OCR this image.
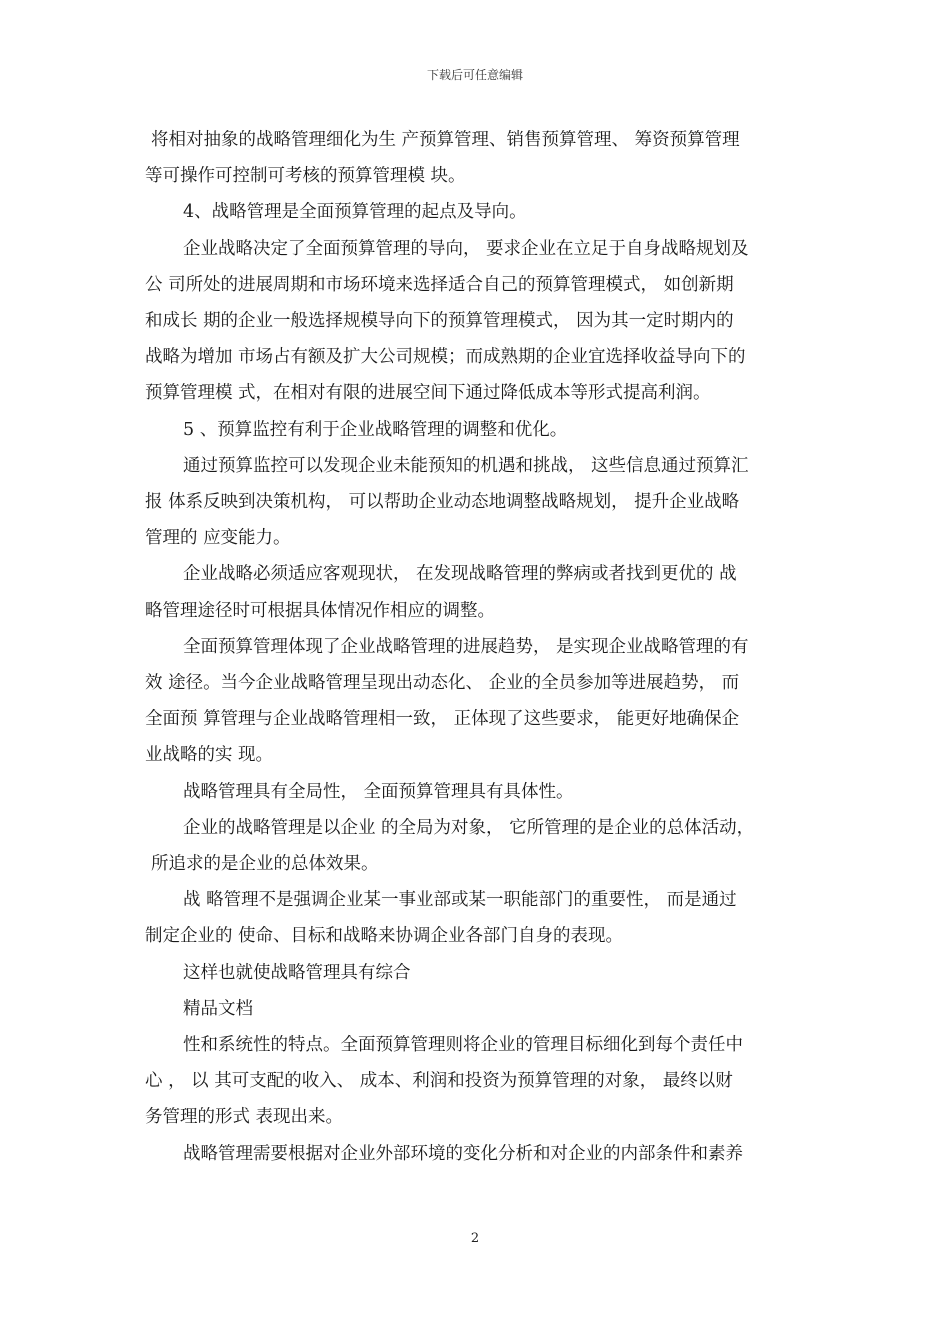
下载后可任意编辑

将相对抽象的战略管理细化为生 产预算管理、销售预算管理、 筹资预算管理

等可操作可控制可考核的预算管理模 块。

4、战略管理是全面预算管理的起点及导向。

企业战略决定了全面预算管理的导向， 要求企业在立足于自身战略规划及

公 司所处的进展周期和市场环境来选择适合自己的预算管理模式， 如创新期

和成长 期的企业一般选择规模导向下的预算管理模式， 因为其一定时期内的

战略为增加 市场占有额及扩大公司规模；而成熟期的企业宜选择收益导向下的

预算管理模 式，在相对有限的进展空间下通过降低成本等形式提高利润。

5 、预算监控有利于企业战略管理的调整和优化。

通过预算监控可以发现企业未能预知的机遇和挑战， 这些信息通过预算汇

报 体系反映到决策机构， 可以帮助企业动态地调整战略规划， 提升企业战略

管理的 应变能力。

企业战略必须适应客观现状， 在发现战略管理的弊病或者找到更优的 战

略管理途径时可根据具体情况作相应的调整。

全面预算管理体现了企业战略管理的进展趋势， 是实现企业战略管理的有

效 途径。当今企业战略管理呈现出动态化、 企业的全员参加等进展趋势， 而

全面预 算管理与企业战略管理相一致， 正体现了这些要求， 能更好地确保企

业战略的实 现。

战略管理具有全局性， 全面预算管理具有具体性。

企业的战略管理是以企业 的全局为对象， 它所管理的是企业的总体活动，

所追求的是企业的总体效果。

战 略管理不是强调企业某一事业部或某一职能部门的重要性， 而是通过

制定企业的 使命、目标和战略来协调企业各部门自身的表现。

这样也就使战略管理具有综合

精品文档

性和系统性的特点。全面预算管理则将企业的管理目标细化到每个责任中

心 ， 以 其可支配的收入、 成本、利润和投资为预算管理的对象， 最终以财

务管理的形式 表现出来。

战略管理需要根据对企业外部环境的变化分析和对企业的内部条件和素养

2
